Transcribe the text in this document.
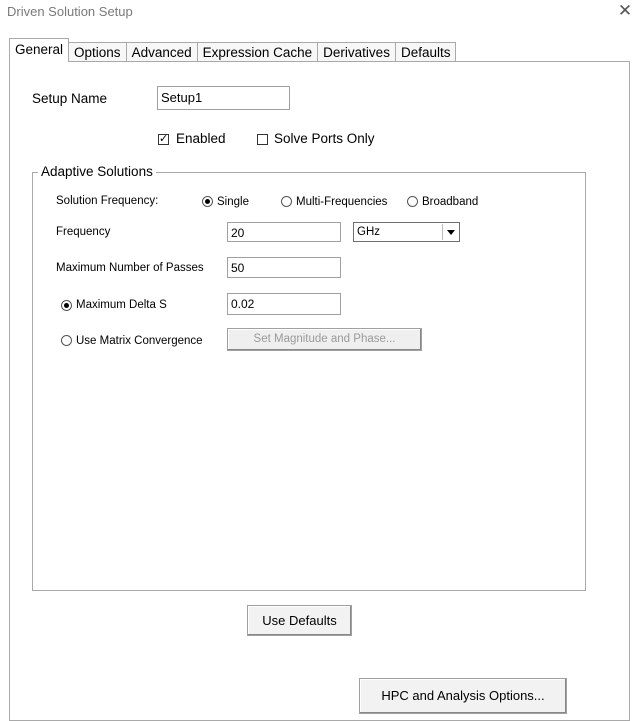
Driven Solution Setup	✕
General Options Advanced Expression Cache Derivatives Defaults
Setup Name	Setup1
✓ Enabled	Solve Ports Only
Adaptive Solutions
Solution Frequency:	Single	Multi-Frequencies	Broadband
Frequency	20	GHz
Maximum Number of Passes	50
Maximum Delta S	0.02
Use Matrix Convergence	Set Magnitude and Phase...
Use Defaults
HPC and Analysis Options...
